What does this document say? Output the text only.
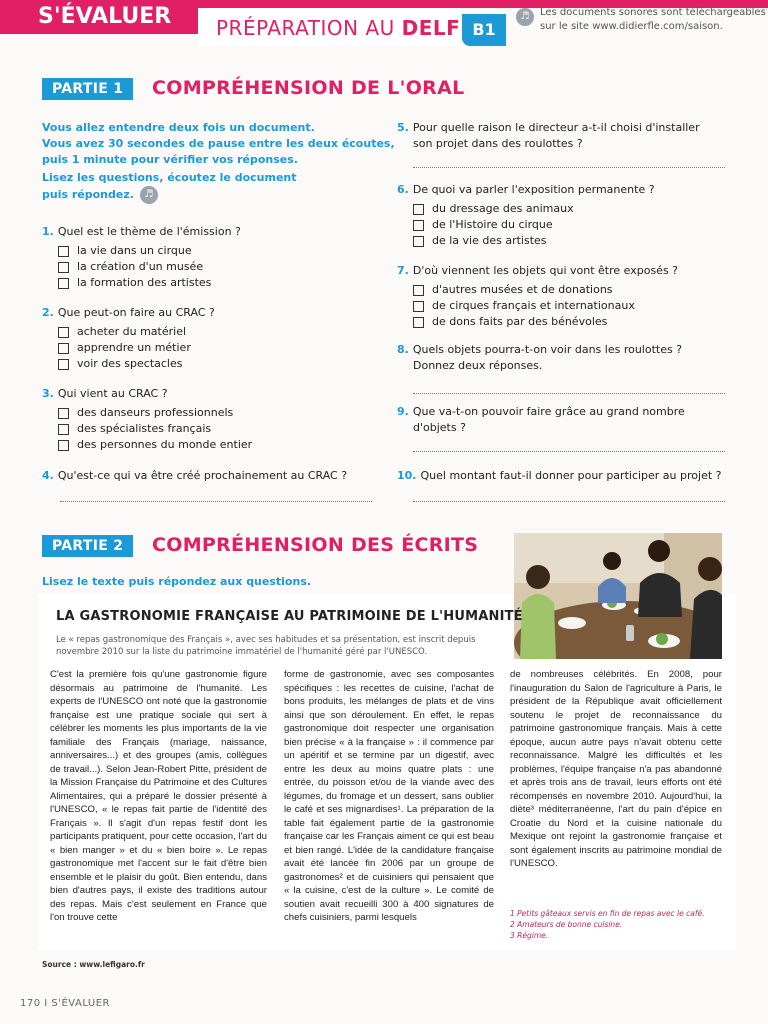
S'ÉVALUER	PRÉPARATION AU DELF B1
♬	Les documents sonores sont téléchargeables
sur le site www.didierfle.com/saison.
PARTIE 1	COMPRÉHENSION DE L'ORAL
Vous allez entendre deux fois un document.
Vous avez 30 secondes de pause entre les deux écoutes,
puis 1 minute pour vérifier vos réponses.
Lisez les questions, écoutez le document
puis répondez.	♬
1. Quel est le thème de l'émission ?
la vie dans un cirque
la création d'un musée
la formation des artistes
2. Que peut-on faire au CRAC ?
acheter du matériel
apprendre un métier
voir des spectacles
3. Qui vient au CRAC ?
des danseurs professionnels
des spécialistes français
des personnes du monde entier
4. Qu'est-ce qui va être créé prochainement au CRAC ?
5. Pour quelle raison le directeur a-t-il choisi d'installer
son projet dans des roulottes ?
6. De quoi va parler l'exposition permanente ?
du dressage des animaux
de l'Histoire du cirque
de la vie des artistes
7. D'où viennent les objets qui vont être exposés ?
d'autres musées et de donations
de cirques français et internationaux
de dons faits par des bénévoles
8. Quels objets pourra-t-on voir dans les roulottes ?
Donnez deux réponses.
9. Que va-t-on pouvoir faire grâce au grand nombre
d'objets ?
10. Quel montant faut-il donner pour participer au projet ?
PARTIE 2	COMPRÉHENSION DES ÉCRITS
Lisez le texte puis répondez aux questions.
LA GASTRONOMIE FRANÇAISE AU PATRIMOINE DE L'HUMANITÉ
Le « repas gastronomique des Français », avec ses habitudes et sa présentation, est inscrit depuis novembre 2010 sur la liste du patrimoine immatériel de l'humanité géré par l'UNESCO.
C'est la première fois qu'une gastronomie figure désormais au patrimoine de l'humanité. Les experts de l'UNESCO ont noté que la gastronomie française est une pratique sociale qui sert à célébrer les moments les plus importants de la vie familiale des Français (mariage, naissance, anniversaires...) et des groupes (amis, collègues de travail...). Selon Jean-Robert Pitte, président de la Mission Française du Patrimoine et des Cultures Alimentaires, qui a préparé le dossier présenté à l'UNESCO, « le repas fait partie de l'identité des Français ». Il s'agit d'un repas festif dont les participants pratiquent, pour cette occasion, l'art du « bien manger » et du « bien boire ». Le repas gastronomique met l'accent sur le fait d'être bien ensemble et le plaisir du goût. Bien entendu, dans bien d'autres pays, il existe des traditions autour des repas. Mais c'est seulement en France que l'on trouve cette
forme de gastronomie, avec ses composantes spécifiques : les recettes de cuisine, l'achat de bons produits, les mélanges de plats et de vins ainsi que son déroulement. En effet, le repas gastronomique doit respecter une organisation bien précise « à la française » : il commence par un apéritif et se termine par un digestif, avec entre les deux au moins quatre plats : une entrée, du poisson et/ou de la viande avec des légumes, du fromage et un dessert, sans oublier le café et ses mignardises¹. La préparation de la table fait également partie de la gastronomie française car les Français aiment ce qui est beau et bien rangé. L'idée de la candidature française avait été lancée fin 2006 par un groupe de gastronomes² et de cuisiniers qui pensaient que « la cuisine, c'est de la culture ». Le comité de soutien avait recueilli 300 à 400 signatures de chefs cuisiniers, parmi lesquels
de nombreuses célébrités. En 2008, pour l'inauguration du Salon de l'agriculture à Paris, le président de la République avait officiellement soutenu le projet de reconnaissance du patrimoine gastronomique français. Mais à cette époque, aucun autre pays n'avait obtenu cette reconnaissance. Malgré les difficultés et les problèmes, l'équipe française n'a pas abandonné et après trois ans de travail, leurs efforts ont été récompensés en novembre 2010. Aujourd'hui, la diète³ méditerranéenne, l'art du pain d'épice en Croatie du Nord et la cuisine nationale du Mexique ont rejoint la gastronomie française et sont également inscrits au patrimoine mondial de l'UNESCO.
1 Petits gâteaux servis en fin de repas avec le café.
2 Amateurs de bonne cuisine.
3 Régime.
Source : www.lefigaro.fr
170 I S'ÉVALUER
